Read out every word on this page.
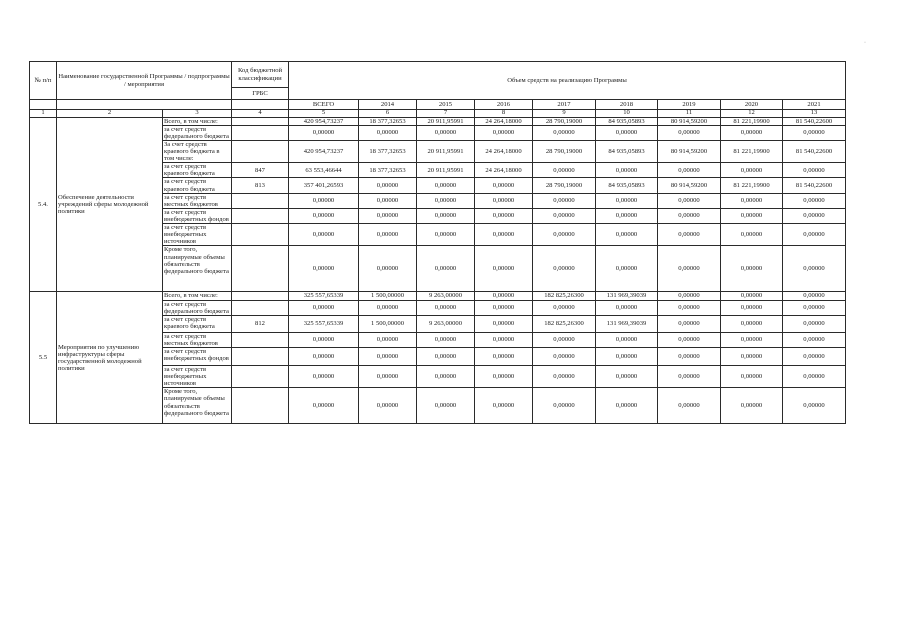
№ п/п	Наименование государственной Программы / подпрограммы / мероприятия		Код бюджетной классификации	Объем средств на реализацию Программы								
			ГРБС									
				ВСЕГО	2014	2015	2016	2017	2018	2019	2020	2021
1	2	3	4	5	6	7	8	9	10	11	12	13
5.4.	Обеспечение деятельности учреждений сферы молодежной политики	Всего, в том числе:		420 954,73237	18 377,32653	20 911,95991	24 264,18000	28 790,19000	84 935,05893	80 914,59200	81 221,19900	81 540,22600
		за счет средств федерального бюджета		0,00000	0,00000	0,00000	0,00000	0,00000	0,00000	0,00000	0,00000	0,00000
		За счет средств краевого бюджета в том числе:		420 954,73237	18 377,32653	20 911,95991	24 264,18000	28 790,19000	84 935,05893	80 914,59200	81 221,19900	81 540,22600
		за счет средств краевого бюджета	847	63 553,46644	18 377,32653	20 911,95991	24 264,18000	0,00000	0,00000	0,00000	0,00000	0,00000
		за счет средств краевого бюджета	813	357 401,26593	0,00000	0,00000	0,00000	28 790,19000	84 935,05893	80 914,59200	81 221,19900	81 540,22600
		за счет средств местных бюджетов		0,00000	0,00000	0,00000	0,00000	0,00000	0,00000	0,00000	0,00000	0,00000
		за счет средств внебюджетных фондов		0,00000	0,00000	0,00000	0,00000	0,00000	0,00000	0,00000	0,00000	0,00000
		за счет средств внебюджетных источников		0,00000	0,00000	0,00000	0,00000	0,00000	0,00000	0,00000	0,00000	0,00000
		Кроме того, планируемые объемы обязательств федерального бюджета		0,00000	0,00000	0,00000	0,00000	0,00000	0,00000	0,00000	0,00000	0,00000
5.5	Мероприятия по улучшению инфраструктуры сферы государственной молодежной политики	Всего, в том числе:		325 557,65339	1 500,00000	9 263,00000	0,00000	182 825,26300	131 969,39039	0,00000	0,00000	0,00000
		за счет средств федерального бюджета		0,00000	0,00000	0,00000	0,00000	0,00000	0,00000	0,00000	0,00000	0,00000
		за счет средств краевого бюджета	812	325 557,65339	1 500,00000	9 263,00000	0,00000	182 825,26300	131 969,39039	0,00000	0,00000	0,00000
		за счет средств местных бюджетов		0,00000	0,00000	0,00000	0,00000	0,00000	0,00000	0,00000	0,00000	0,00000
		за счет средств внебюджетных фондов		0,00000	0,00000	0,00000	0,00000	0,00000	0,00000	0,00000	0,00000	0,00000
		за счет средств внебюджетных источников		0,00000	0,00000	0,00000	0,00000	0,00000	0,00000	0,00000	0,00000	0,00000
		Кроме того, планируемые объемы обязательств федерального бюджета		0,00000	0,00000	0,00000	0,00000	0,00000	0,00000	0,00000	0,00000	0,00000
·
